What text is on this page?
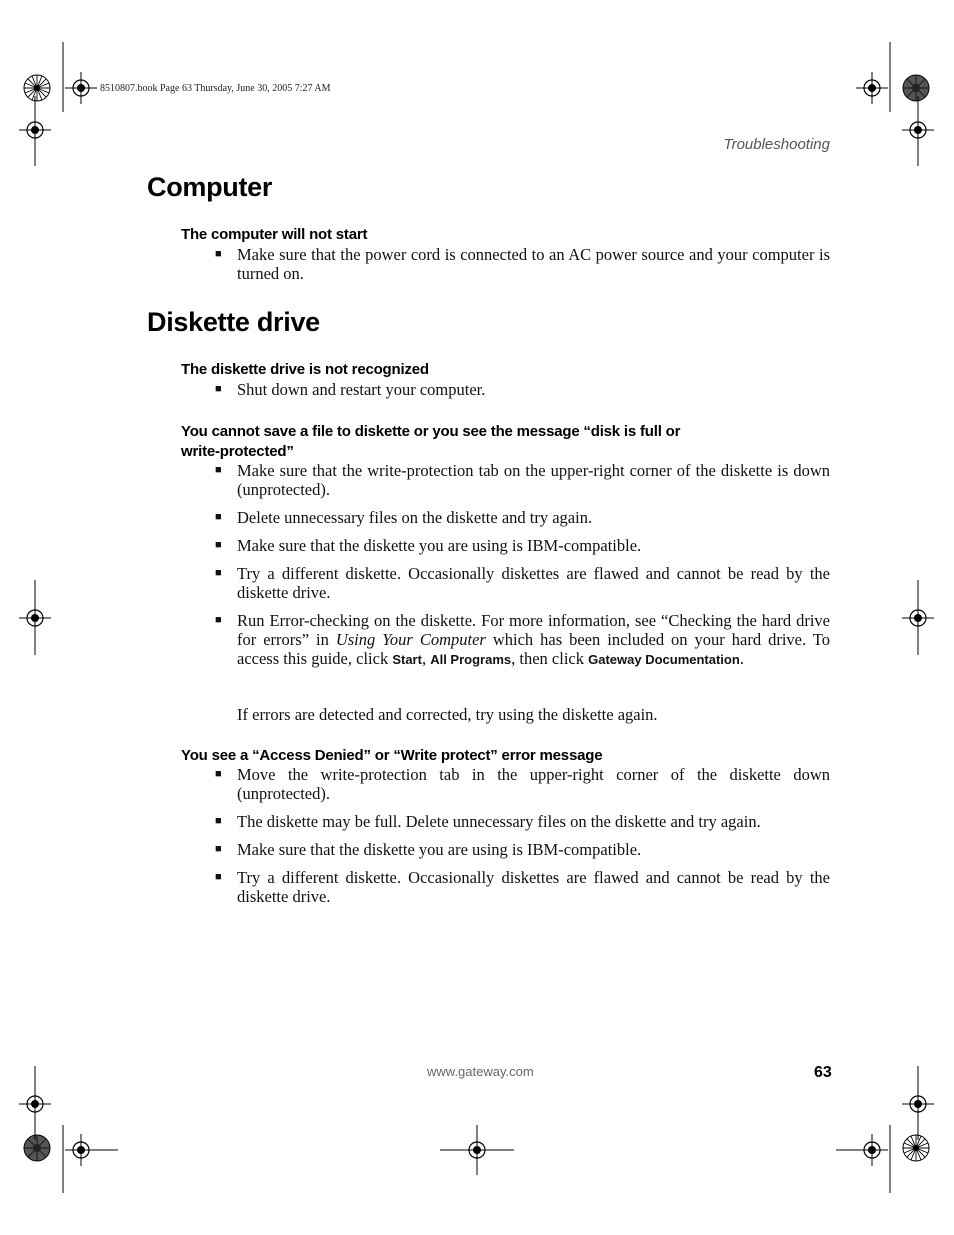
8510807.book Page 63 Thursday, June 30, 2005 7:27 AM
Troubleshooting
Computer
The computer will not start
■ Make sure that the power cord is connected to an AC power source and your computer is turned on.
Diskette drive
The diskette drive is not recognized
■ Shut down and restart your computer.
You cannot save a file to diskette or you see the message “disk is full or
write-protected”
■ Make sure that the write-protection tab on the upper-right corner of the diskette is down (unprotected).
■ Delete unnecessary files on the diskette and try again.
■ Make sure that the diskette you are using is IBM-compatible.
■ Try a different diskette. Occasionally diskettes are flawed and cannot be read by the diskette drive.
■ Run Error-checking on the diskette. For more information, see “Checking the hard drive for errors” in Using Your Computer which has been included on your hard drive. To access this guide, click Start, All Programs, then click Gateway Documentation.
If errors are detected and corrected, try using the diskette again.
You see a “Access Denied” or “Write protect” error message
■ Move the write-protection tab in the upper-right corner of the diskette down (unprotected).
■ The diskette may be full. Delete unnecessary files on the diskette and try again.
■ Make sure that the diskette you are using is IBM-compatible.
■ Try a different diskette. Occasionally diskettes are flawed and cannot be read by the diskette drive.
www.gateway.com	63
